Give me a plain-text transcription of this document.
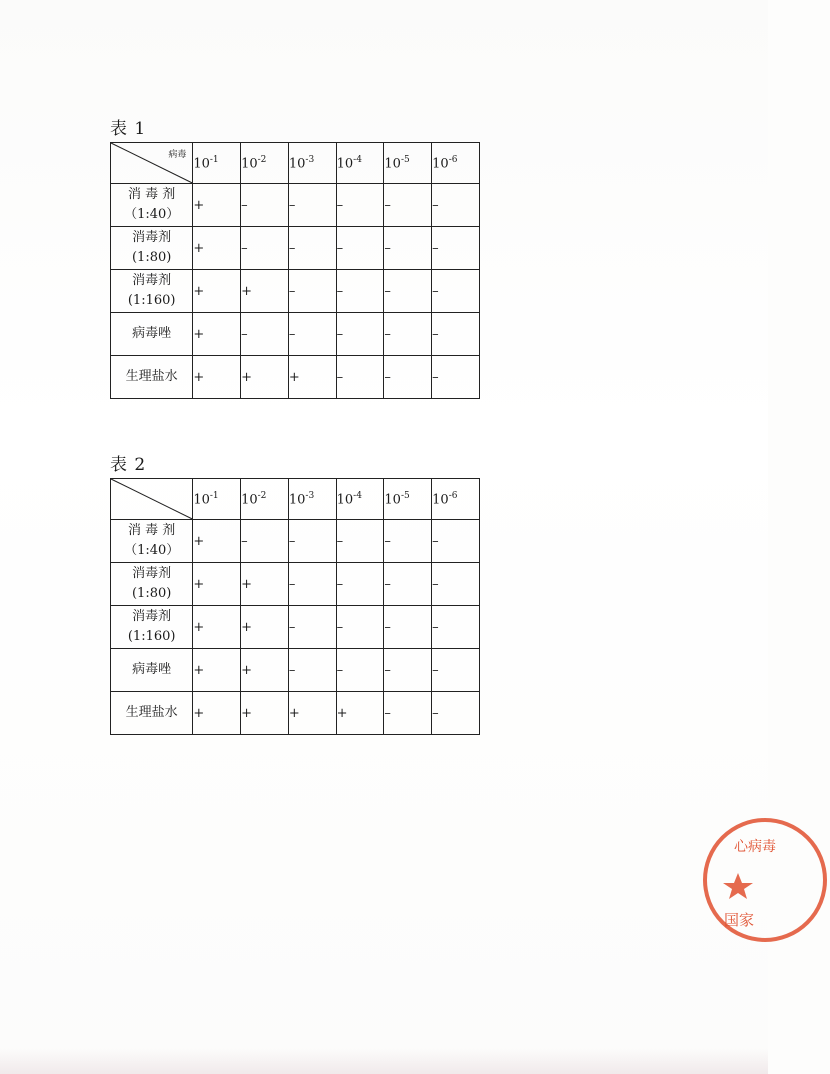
表 1
病毒	$10^{-1}$	$10^{-2}$	$10^{-3}$	$10^{-4}$	$10^{-5}$	$10^{-6}$

消 毒 剂
（1:40）	+	–	–	–	–	–

消毒剂
(1:80)	+	–	–	–	–	–

消毒剂
(1:160)	+	+	–	–	–	–

病毒唑	+	–	–	–	–	–

生理盐水	+	+	+	–	–	–
表 2
	$10^{-1}$	$10^{-2}$	$10^{-3}$	$10^{-4}$	$10^{-5}$	$10^{-6}$

消 毒 剂
（1:40）	+	–	–	–	–	–

消毒剂
(1:80)	+	+	–	–	–	–

消毒剂
(1:160)	+	+	–	–	–	–

病毒唑	+	+	–	–	–	–

生理盐水	+	+	+	+	–	–
心病毒
国家
